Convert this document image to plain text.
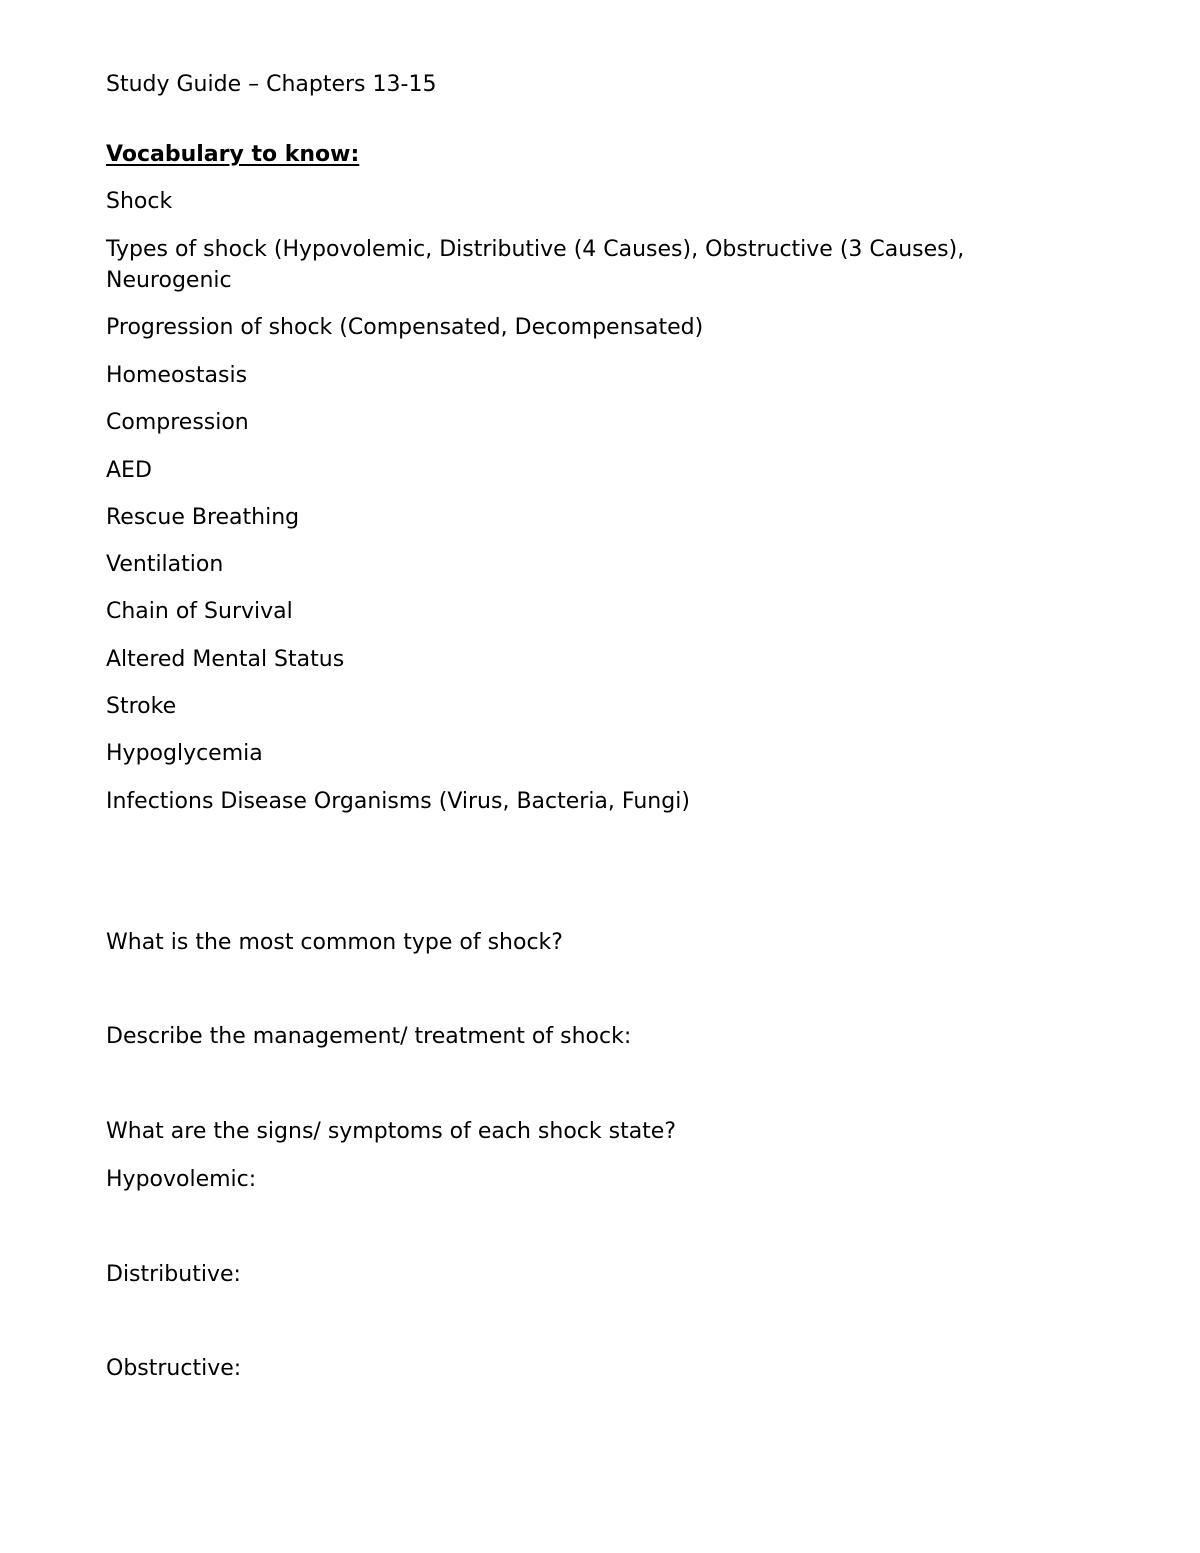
Study Guide – Chapters 13-15

Vocabulary to know:

Shock

Types of shock (Hypovolemic, Distributive (4 Causes), Obstructive (3 Causes), Neurogenic

Progression of shock (Compensated, Decompensated)

Homeostasis

Compression

AED

Rescue Breathing

Ventilation

Chain of Survival

Altered Mental Status

Stroke

Hypoglycemia

Infections Disease Organisms (Virus, Bacteria, Fungi)

What is the most common type of shock?

Describe the management/ treatment of shock:

What are the signs/ symptoms of each shock state?

Hypovolemic:

Distributive:

Obstructive:
